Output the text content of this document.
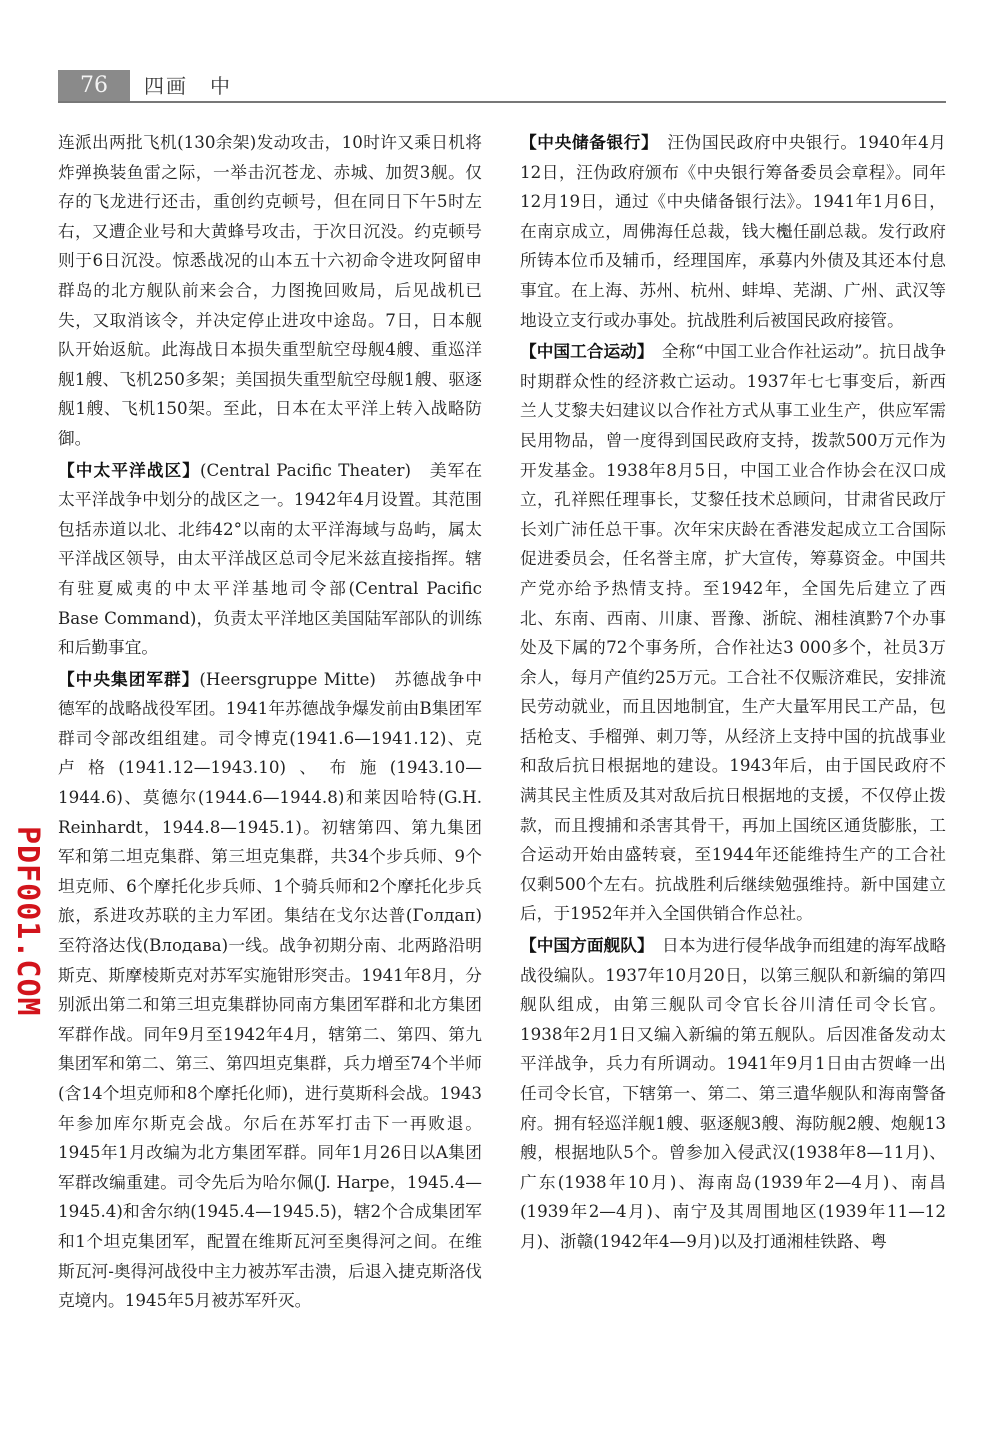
76	四画　中

连派出两批飞机(130余架)发动攻击，10时许又乘日机将炸弹换装鱼雷之际，一举击沉苍龙、赤城、加贺3舰。仅存的飞龙进行还击，重创约克顿号，但在同日下午5时左右，又遭企业号和大黄蜂号攻击，于次日沉没。约克顿号则于6日沉没。惊悉战况的山本五十六初命令进攻阿留申群岛的北方舰队前来会合，力图挽回败局，后见战机已失，又取消该令，并决定停止进攻中途岛。7日，日本舰队开始返航。此海战日本损失重型航空母舰4艘、重巡洋舰1艘、飞机250多架；美国损失重型航空母舰1艘、驱逐舰1艘、飞机150架。至此，日本在太平洋上转入战略防御。

【中太平洋战区】(Central Pacific Theater)　美军在太平洋战争中划分的战区之一。1942年4月设置。其范围包括赤道以北、北纬42°以南的太平洋海域与岛屿，属太平洋战区领导，由太平洋战区总司令尼米兹直接指挥。辖有驻夏威夷的中太平洋基地司令部(Central Pacific Base Command)，负责太平洋地区美国陆军部队的训练和后勤事宜。

【中央集团军群】(Heersgruppe Mitte)　苏德战争中德军的战略战役军团。1941年苏德战争爆发前由B集团军群司令部改组组建。司令博克(1941.6—1941.12)、克卢格(1941.12—1943.10)、布施(1943.10—1944.6)、莫德尔(1944.6—1944.8)和莱因哈特(G.H. Reinhardt，1944.8—1945.1)。初辖第四、第九集团军和第二坦克集群、第三坦克集群，共34个步兵师、9个坦克师、6个摩托化步兵师、1个骑兵师和2个摩托化步兵旅，系进攻苏联的主力军团。集结在戈尔达普(Голдап)至符洛达伐(Влодава)一线。战争初期分南、北两路沿明斯克、斯摩棱斯克对苏军实施钳形突击。1941年8月，分别派出第二和第三坦克集群协同南方集团军群和北方集团军群作战。同年9月至1942年4月，辖第二、第四、第九集团军和第二、第三、第四坦克集群，兵力增至74个半师(含14个坦克师和8个摩托化师)，进行莫斯科会战。1943年参加库尔斯克会战。尔后在苏军打击下一再败退。1945年1月改编为北方集团军群。同年1月26日以A集团军群改编重建。司令先后为哈尔佩(J. Harpe，1945.4—1945.4)和舍尔纳(1945.4—1945.5)，辖2个合成集团军和1个坦克集团军，配置在维斯瓦河至奥得河之间。在维斯瓦河-奥得河战役中主力被苏军击溃，后退入捷克斯洛伐克境内。1945年5月被苏军歼灭。

【中央储备银行】　汪伪国民政府中央银行。1940年4月12日，汪伪政府颁布《中央银行筹备委员会章程》。同年12月19日，通过《中央储备银行法》。1941年1月6日，在南京成立，周佛海任总裁，钱大櫆任副总裁。发行政府所铸本位币及辅币，经理国库，承募内外债及其还本付息事宜。在上海、苏州、杭州、蚌埠、芜湖、广州、武汉等地设立支行或办事处。抗战胜利后被国民政府接管。

【中国工合运动】　全称“中国工业合作社运动”。抗日战争时期群众性的经济救亡运动。1937年七七事变后，新西兰人艾黎夫妇建议以合作社方式从事工业生产，供应军需民用物品，曾一度得到国民政府支持，拨款500万元作为开发基金。1938年8月5日，中国工业合作协会在汉口成立，孔祥熙任理事长，艾黎任技术总顾问，甘肃省民政厅长刘广沛任总干事。次年宋庆龄在香港发起成立工合国际促进委员会，任名誉主席，扩大宣传，筹募资金。中国共产党亦给予热情支持。至1942年，全国先后建立了西北、东南、西南、川康、晋豫、浙皖、湘桂滇黔7个办事处及下属的72个事务所，合作社达3 000多个，社员3万余人，每月产值约25万元。工合社不仅赈济难民，安排流民劳动就业，而且因地制宜，生产大量军用民工产品，包括枪支、手榴弹、刺刀等，从经济上支持中国的抗战事业和敌后抗日根据地的建设。1943年后，由于国民政府不满其民主性质及其对敌后抗日根据地的支援，不仅停止拨款，而且搜捕和杀害其骨干，再加上国统区通货膨胀，工合运动开始由盛转衰，至1944年还能维持生产的工合社仅剩500个左右。抗战胜利后继续勉强维持。新中国建立后，于1952年并入全国供销合作总社。

【中国方面舰队】　日本为进行侵华战争而组建的海军战略战役编队。1937年10月20日，以第三舰队和新编的第四舰队组成，由第三舰队司令官长谷川清任司令长官。1938年2月1日又编入新编的第五舰队。后因准备发动太平洋战争，兵力有所调动。1941年9月1日由古贺峰一出任司令长官，下辖第一、第二、第三遣华舰队和海南警备府。拥有轻巡洋舰1艘、驱逐舰3艘、海防舰2艘、炮舰13艘，根据地队5个。曾参加入侵武汉(1938年8—11月)、广东(1938年10月)、海南岛(1939年2—4月)、南昌(1939年2—4月)、南宁及其周围地区(1939年11—12月)、浙赣(1942年4—9月)以及打通湘桂铁路、粤

PDF001.COM
